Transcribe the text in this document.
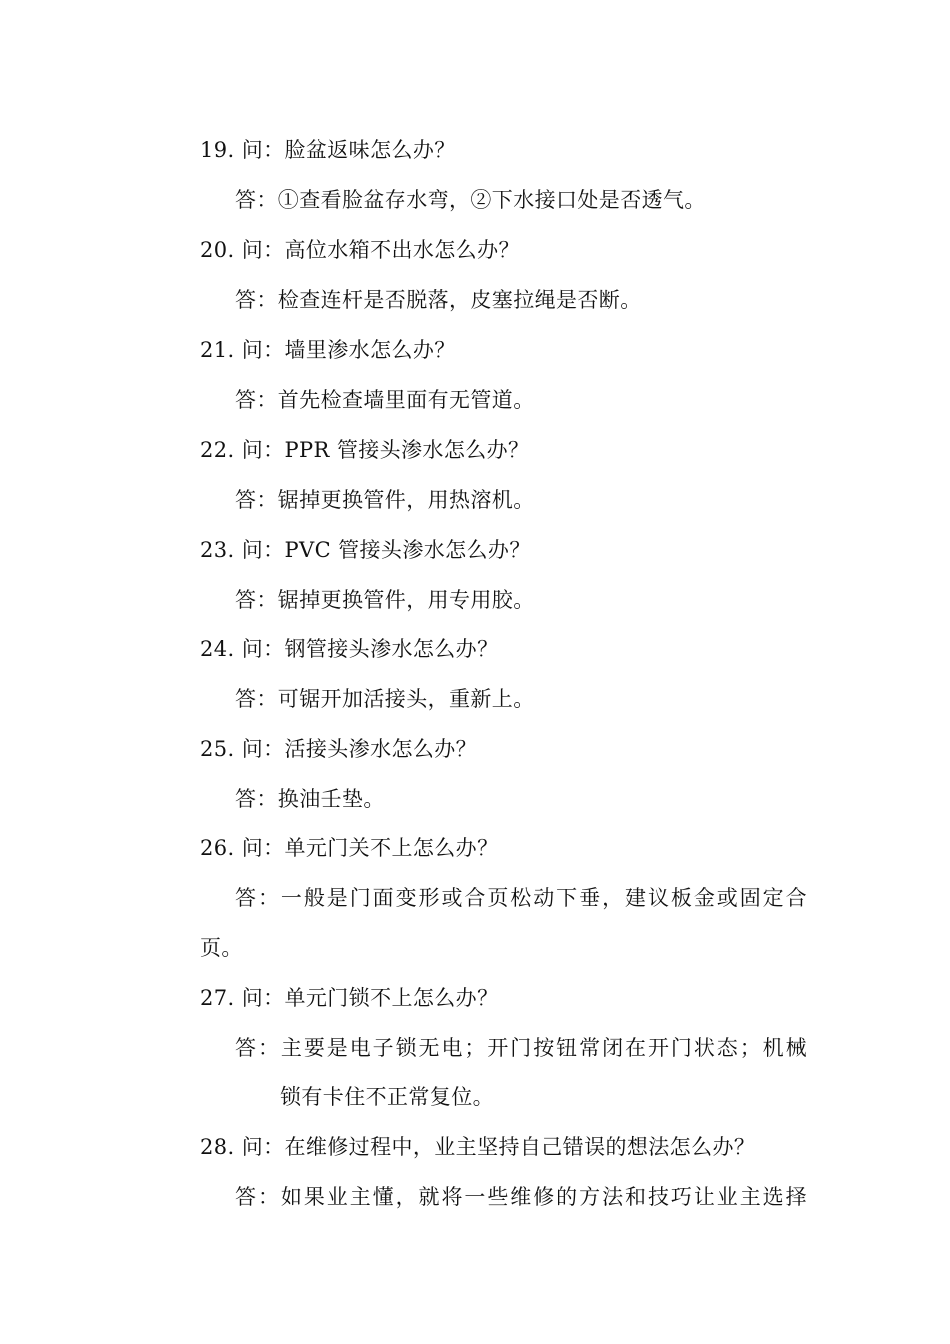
19. 问：脸盆返味怎么办？
答：①查看脸盆存水弯，②下水接口处是否透气。
20. 问：高位水箱不出水怎么办？
答：检查连杆是否脱落，皮塞拉绳是否断。
21. 问：墙里渗水怎么办？
答：首先检查墙里面有无管道。
22. 问：PPR 管接头渗水怎么办？
答：锯掉更换管件，用热溶机。
23. 问：PVC 管接头渗水怎么办？
答：锯掉更换管件，用专用胶。
24. 问：钢管接头渗水怎么办？
答：可锯开加活接头，重新上。
25. 问：活接头渗水怎么办？
答：换油壬垫。
26. 问：单元门关不上怎么办？
答：一般是门面变形或合页松动下垂，建议板金或固定合
页。
27. 问：单元门锁不上怎么办？
答：主要是电子锁无电；开门按钮常闭在开门状态；机械
锁有卡住不正常复位。
28. 问：在维修过程中，业主坚持自己错误的想法怎么办？
答：如果业主懂，就将一些维修的方法和技巧让业主选择
